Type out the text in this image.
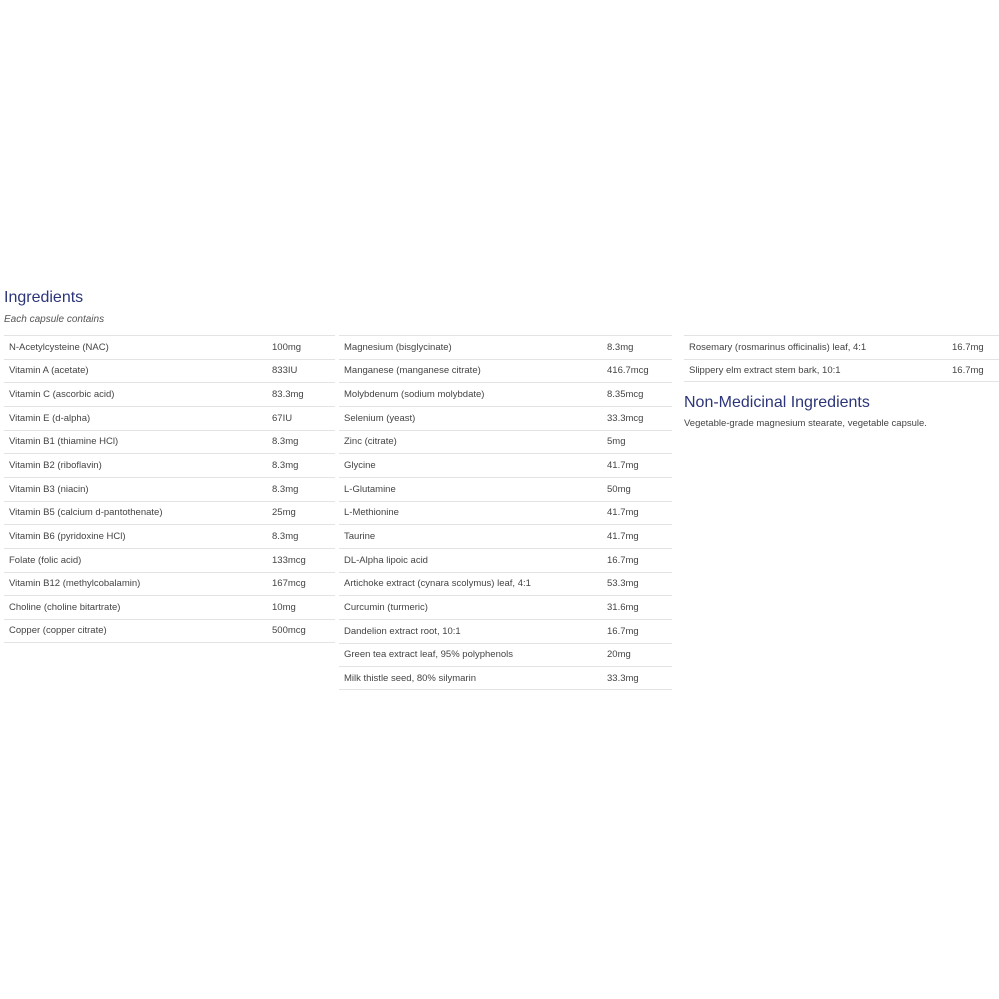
Ingredients
Each capsule contains
N-Acetylcysteine (NAC)	100mg
Vitamin A (acetate)	833IU
Vitamin C (ascorbic acid)	83.3mg
Vitamin E (d-alpha)	67IU
Vitamin B1 (thiamine HCl)	8.3mg
Vitamin B2 (riboflavin)	8.3mg
Vitamin B3 (niacin)	8.3mg
Vitamin B5 (calcium d-pantothenate)	25mg
Vitamin B6 (pyridoxine HCl)	8.3mg
Folate (folic acid)	133mcg
Vitamin B12 (methylcobalamin)	167mcg
Choline (choline bitartrate)	10mg
Copper (copper citrate)	500mcg
Magnesium (bisglycinate)	8.3mg
Manganese (manganese citrate)	416.7mcg
Molybdenum (sodium molybdate)	8.35mcg
Selenium (yeast)	33.3mcg
Zinc (citrate)	5mg
Glycine	41.7mg
L-Glutamine	50mg
L-Methionine	41.7mg
Taurine	41.7mg
DL-Alpha lipoic acid	16.7mg
Artichoke extract (cynara scolymus) leaf, 4:1	53.3mg
Curcumin (turmeric)	31.6mg
Dandelion extract root, 10:1	16.7mg
Green tea extract leaf, 95% polyphenols	20mg
Milk thistle seed, 80% silymarin	33.3mg
Rosemary (rosmarinus officinalis) leaf, 4:1	16.7mg
Slippery elm extract stem bark, 10:1	16.7mg
Non-Medicinal Ingredients
Vegetable-grade magnesium stearate, vegetable capsule.
